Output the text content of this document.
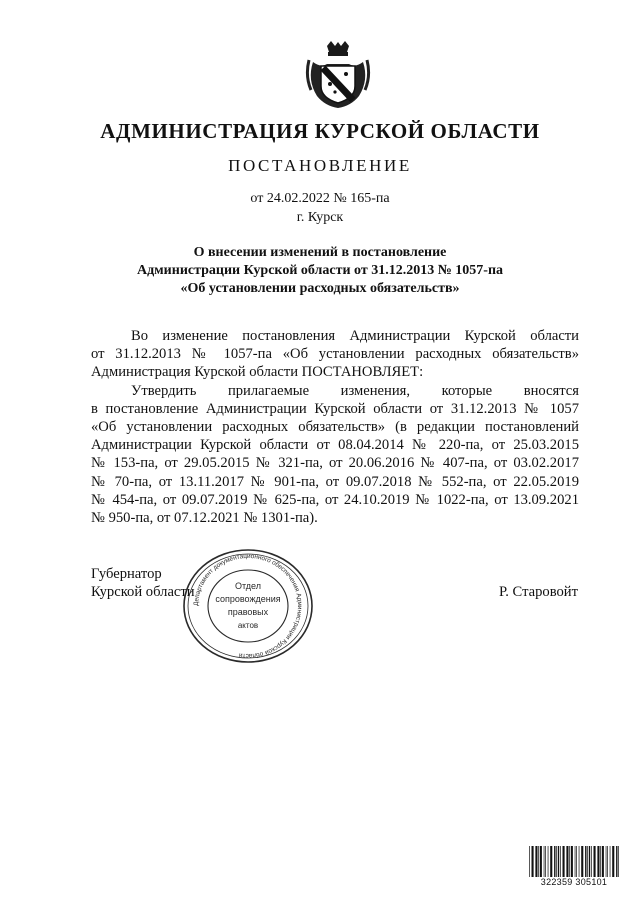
АДМИНИСТРАЦИЯ КУРСКОЙ ОБЛАСТИ
ПОСТАНОВЛЕНИЕ
от 24.02.2022 № 165-па
г. Курск
О внесении изменений в постановление
Администрации Курской области от 31.12.2013 № 1057-па
«Об установлении расходных обязательств»
Во изменение постановления Администрации Курской области
от 31.12.2013 № 1057-па «Об установлении расходных обязательств»
Администрация Курской области ПОСТАНОВЛЯЕТ:
Утвердить прилагаемые изменения, которые вносятся
в постановление Администрации Курской области от 31.12.2013 № 1057
«Об установлении расходных обязательств» (в редакции постановлений
Администрации Курской области от 08.04.2014 № 220-па, от 25.03.2015
№ 153-па, от 29.05.2015 № 321-па, от 20.06.2016 № 407-па, от 03.02.2017
№ 70-па, от 13.11.2017 № 901-па, от 09.07.2018 № 552-па, от 22.05.2019
№ 454-па, от 09.07.2019 № 625-па, от 24.10.2019 № 1022-па, от 13.09.2021
№ 950-па, от 07.12.2021 № 1301-па).
Губернатор
Курской области	Р. Старовойт
Департамент документационного обеспечения Администрации Курской области
Отдел
сопровождения
правовых
актов
322359 305101
